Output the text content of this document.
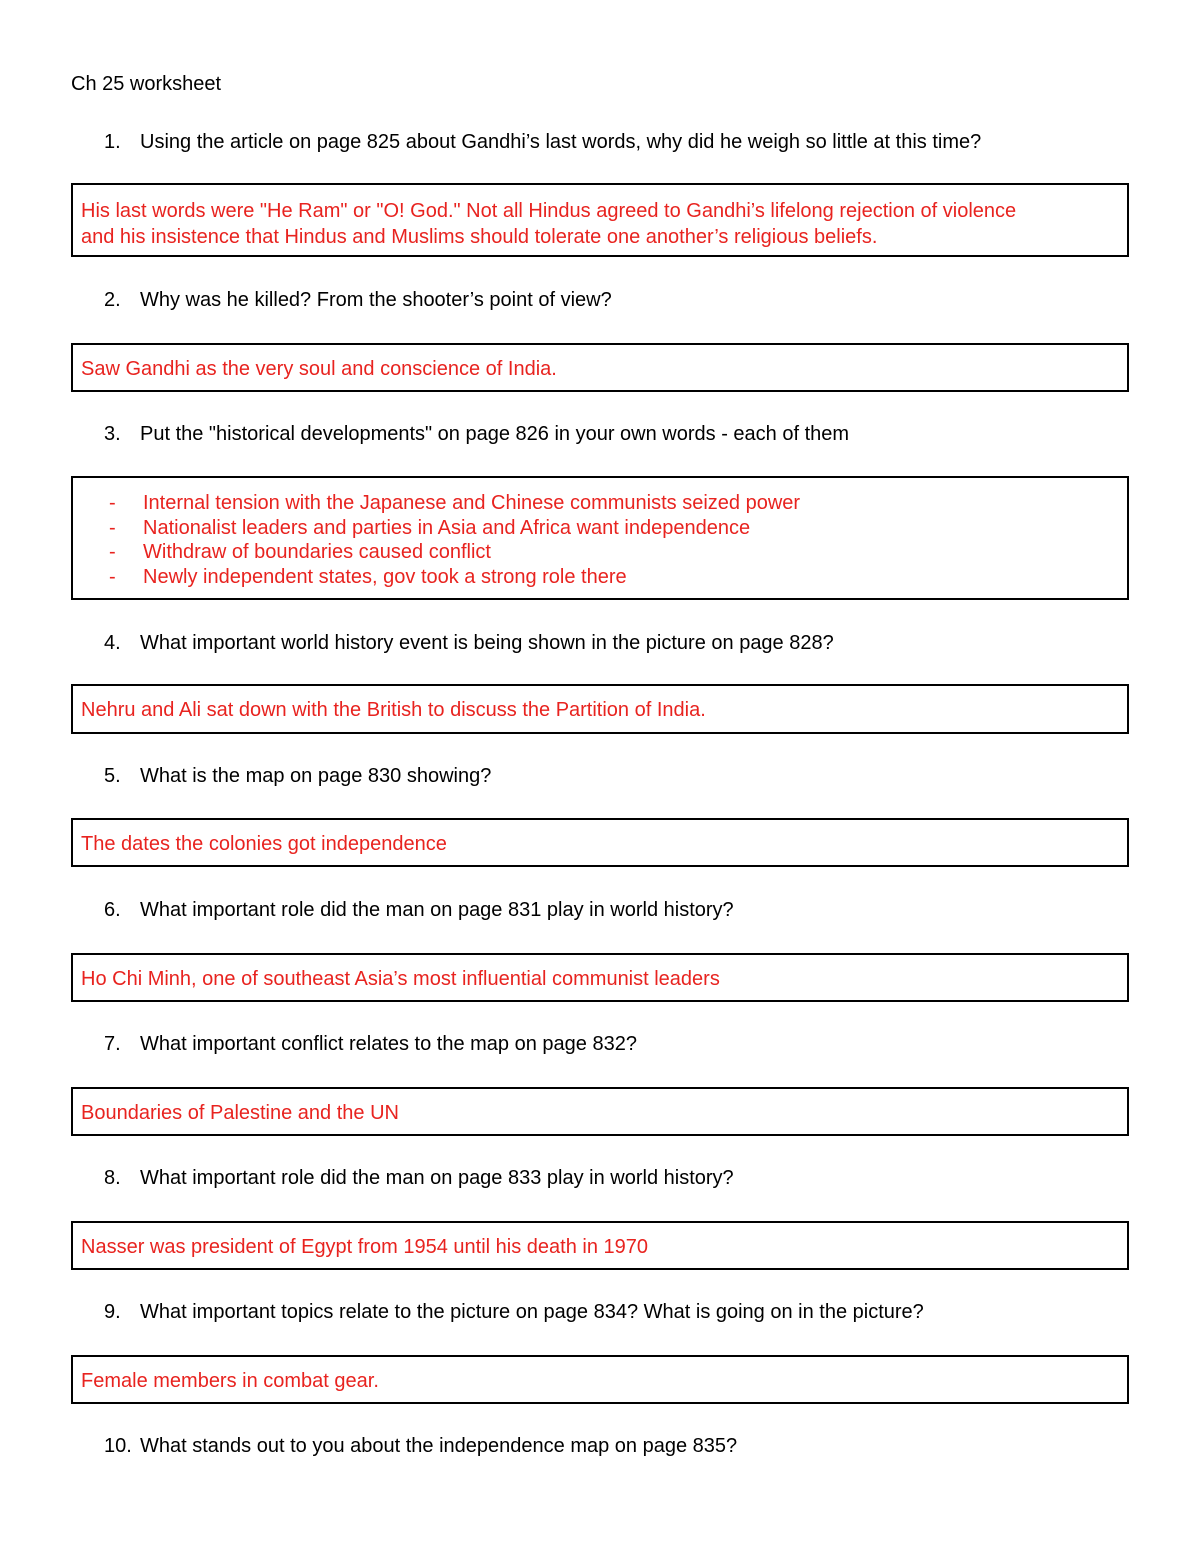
Ch 25 worksheet
1. Using the article on page 825 about Gandhi’s last words, why did he weigh so little at this time?
His last words were "He Ram" or "O! God." Not all Hindus agreed to Gandhi’s lifelong rejection of violence
and his insistence that Hindus and Muslims should tolerate one another’s religious beliefs.
2. Why was he killed? From the shooter’s point of view?
Saw Gandhi as the very soul and conscience of India.
3. Put the "historical developments" on page 826 in your own words - each of them
- Internal tension with the Japanese and Chinese communists seized power
- Nationalist leaders and parties in Asia and Africa want independence
- Withdraw of boundaries caused conflict
- Newly independent states, gov took a strong role there
4. What important world history event is being shown in the picture on page 828?
Nehru and Ali sat down with the British to discuss the Partition of India.
5. What is the map on page 830 showing?
The dates the colonies got independence
6. What important role did the man on page 831 play in world history?
Ho Chi Minh, one of southeast Asia’s most influential communist leaders
7. What important conflict relates to the map on page 832?
Boundaries of Palestine and the UN
8. What important role did the man on page 833 play in world history?
Nasser was president of Egypt from 1954 until his death in 1970
9. What important topics relate to the picture on page 834? What is going on in the picture?
Female members in combat gear.
10. What stands out to you about the independence map on page 835?
